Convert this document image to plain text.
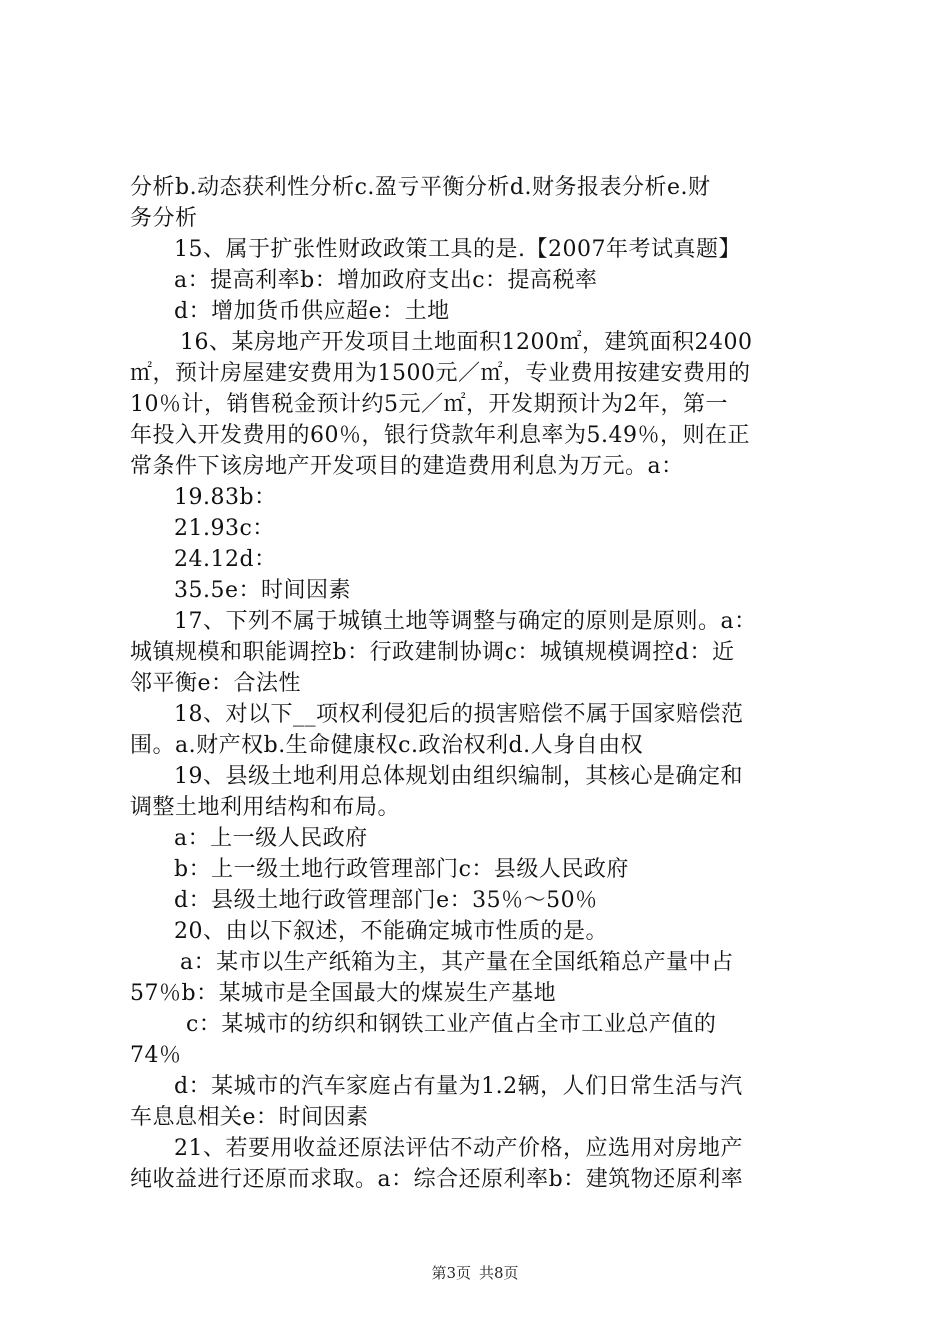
分析b.动态获利性分析c.盈亏平衡分析d.财务报表分析e.财
务分析
15、属于扩张性财政政策工具的是.【2007年考试真题】
a：提高利率b：增加政府支出c：提高税率
d：增加货币供应超e：土地
16、某房地产开发项目土地面积1200㎡，建筑面积2400
㎡，预计房屋建安费用为1500元／㎡，专业费用按建安费用的
10％计，销售税金预计约5元／㎡，开发期预计为2年，第一
年投入开发费用的60％，银行贷款年利息率为5.49％，则在正
常条件下该房地产开发项目的建造费用利息为万元。a：
19.83b：
21.93c：
24.12d：
35.5e：时间因素
17、下列不属于城镇土地等调整与确定的原则是原则。a：
城镇规模和职能调控b：行政建制协调c：城镇规模调控d：近
邻平衡e：合法性
18、对以下__项权利侵犯后的损害赔偿不属于国家赔偿范
围。a.财产权b.生命健康权c.政治权利d.人身自由权
19、县级土地利用总体规划由组织编制，其核心是确定和
调整土地利用结构和布局。
a：上一级人民政府
b：上一级土地行政管理部门c：县级人民政府
d：县级土地行政管理部门e：35％～50％
20、由以下叙述，不能确定城市性质的是。
a：某市以生产纸箱为主，其产量在全国纸箱总产量中占
57％b：某城市是全国最大的煤炭生产基地
c：某城市的纺织和钢铁工业产值占全市工业总产值的
74％
d：某城市的汽车家庭占有量为1.2辆，人们日常生活与汽
车息息相关e：时间因素
21、若要用收益还原法评估不动产价格，应选用对房地产
纯收益进行还原而求取。a：综合还原利率b：建筑物还原利率
第3页 共8页
